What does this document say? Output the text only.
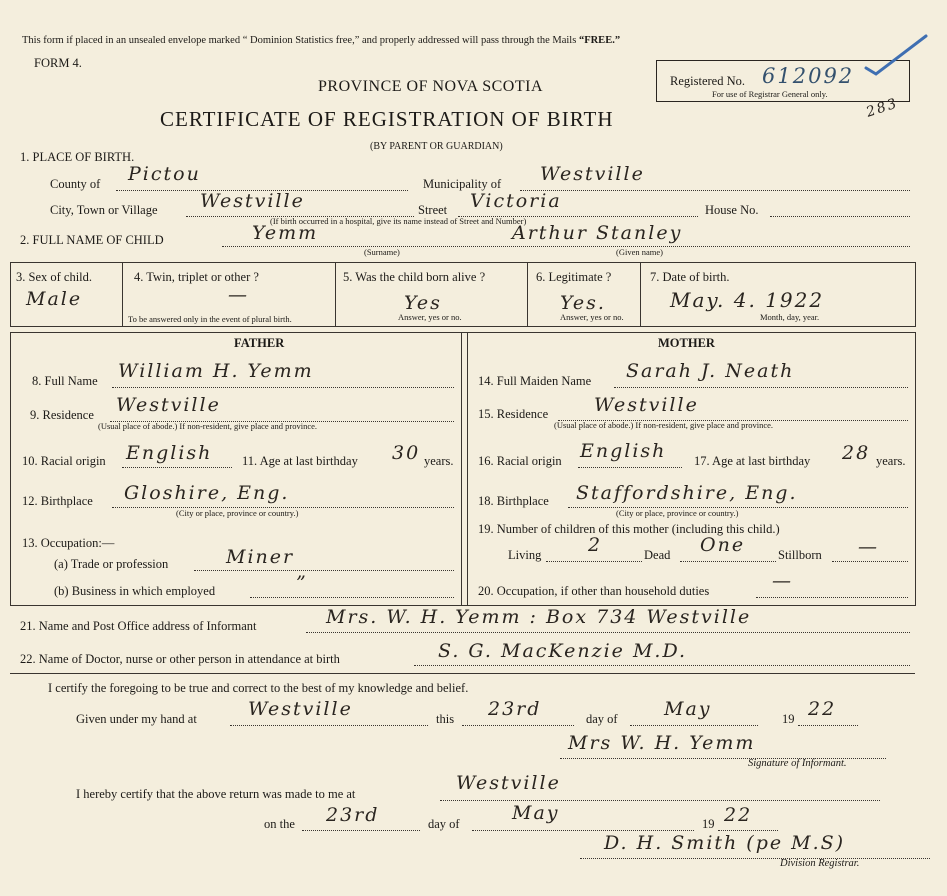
This form if placed in an unsealed envelope marked “ Dominion Statistics free,” and properly addressed will pass through the Mails “FREE.”
FORM 4.
PROVINCE OF NOVA SCOTIA
CERTIFICATE OF REGISTRATION OF BIRTH
(BY PARENT OR GUARDIAN)
Registered No. 612092
For use of Registrar General only.
283
1. PLACE OF BIRTH.
County of Pictou	Municipality of Westville
City, Town or Village Westville	Street Victoria	House No.
(If birth occurred in a hospital, give its name instead of Street and Number)
2. FULL NAME OF CHILD	Yemm	Arthur Stanley
(Surname)	(Given name)
3. Sex of child.
Male
4. Twin, triplet or other ?
—
To be answered only in the event of plural birth.
5. Was the child born alive ?
Yes
Answer, yes or no.
6. Legitimate ?
Yes.
Answer, yes or no.
7. Date of birth.
May. 4. 1922
Month, day, year.
FATHER	MOTHER
8. Full Name William H. Yemm
9. Residence Westville
(Usual place of abode.) If non-resident, give place and province.
10. Racial origin English 11. Age at last birthday 30 years.
12. Birthplace Gloshire, Eng.
(City or place, province or country.)
13. Occupation:—
(a) Trade or profession	Miner
(b) Business in which employed	”
14. Full Maiden Name Sarah J. Neath
15. Residence Westville
(Usual place of abode.) If non-resident, give place and province.
16. Racial origin English 17. Age at last birthday 28 years.
18. Birthplace Staffordshire, Eng.
(City or place, province or country.)
19. Number of children of this mother (including this child.)
Living 2	Dead One	Stillborn —
20. Occupation, if other than household duties	—
21. Name and Post Office address of Informant	Mrs. W. H. Yemm : Box 734 Westville
22. Name of Doctor, nurse or other person in attendance at birth	S. G. MacKenzie M.D.
I certify the foregoing to be true and correct to the best of my knowledge and belief.
Given under my hand at	Westville	this 23rd	day of May	19 22
Mrs W. H. Yemm
Signature of Informant.
I hereby certify that the above return was made to me at	Westville
on the 23rd	day of	May	19 22
D. H. Smith (pe M.S)
Division Registrar.
